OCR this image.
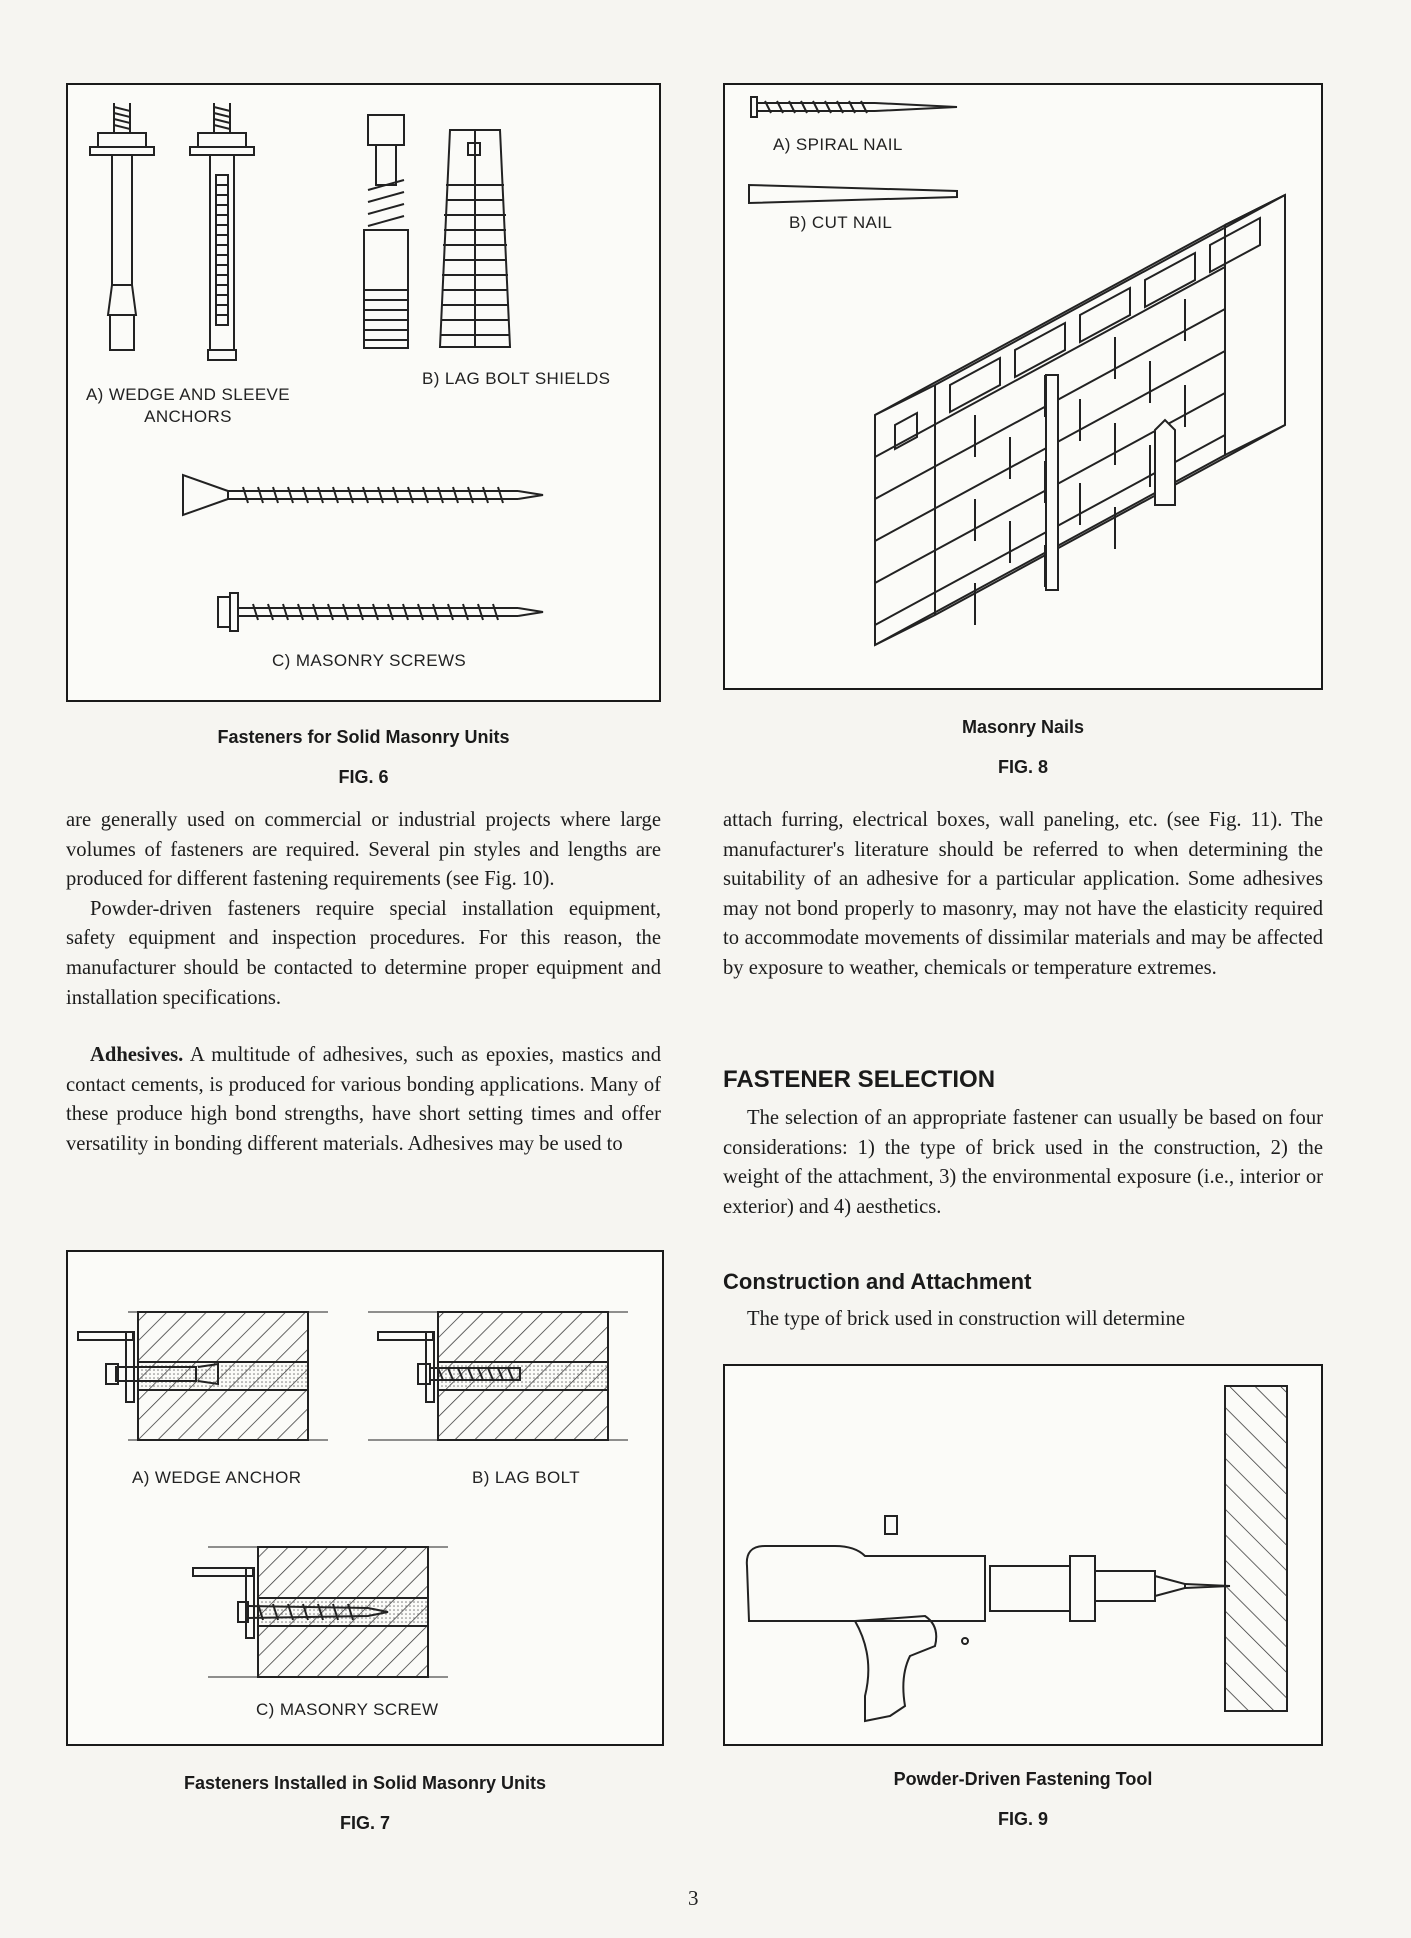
A) WEDGE AND SLEEVE
ANCHORS
B) LAG BOLT SHIELDS
C) MASONRY SCREWS
Fasteners for Solid Masonry Units
FIG. 6
A) SPIRAL NAIL
B) CUT NAIL
Masonry Nails
FIG. 8

are generally used on commercial or industrial projects where large volumes of fasteners are required. Several pin styles and lengths are produced for different fastening requirements (see Fig. 10).

Powder-driven fasteners require special installation equipment, safety equipment and inspection procedures. For this reason, the manufacturer should be contacted to determine proper equipment and installation specifications.

Adhesives. A multitude of adhesives, such as epoxies, mastics and contact cements, is produced for various bonding applications. Many of these produce high bond strengths, have short setting times and offer versatility in bonding different materials. Adhesives may be used to

attach furring, electrical boxes, wall paneling, etc. (see Fig. 11). The manufacturer's literature should be referred to when determining the suitability of an adhesive for a particular application. Some adhesives may not bond properly to masonry, may not have the elasticity required to accommodate movements of dissimilar materials and may be affected by exposure to weather, chemicals or temperature extremes.

FASTENER SELECTION

The selection of an appropriate fastener can usually be based on four considerations: 1) the type of brick used in the construction, 2) the weight of the attachment, 3) the environmental exposure (i.e., interior or exterior) and 4) aesthetics.

Construction and Attachment

The type of brick used in construction will determine

A) WEDGE ANCHOR	B) LAG BOLT
C) MASONRY SCREW
Fasteners Installed in Solid Masonry Units
FIG. 7
Powder-Driven Fastening Tool
FIG. 9
3
